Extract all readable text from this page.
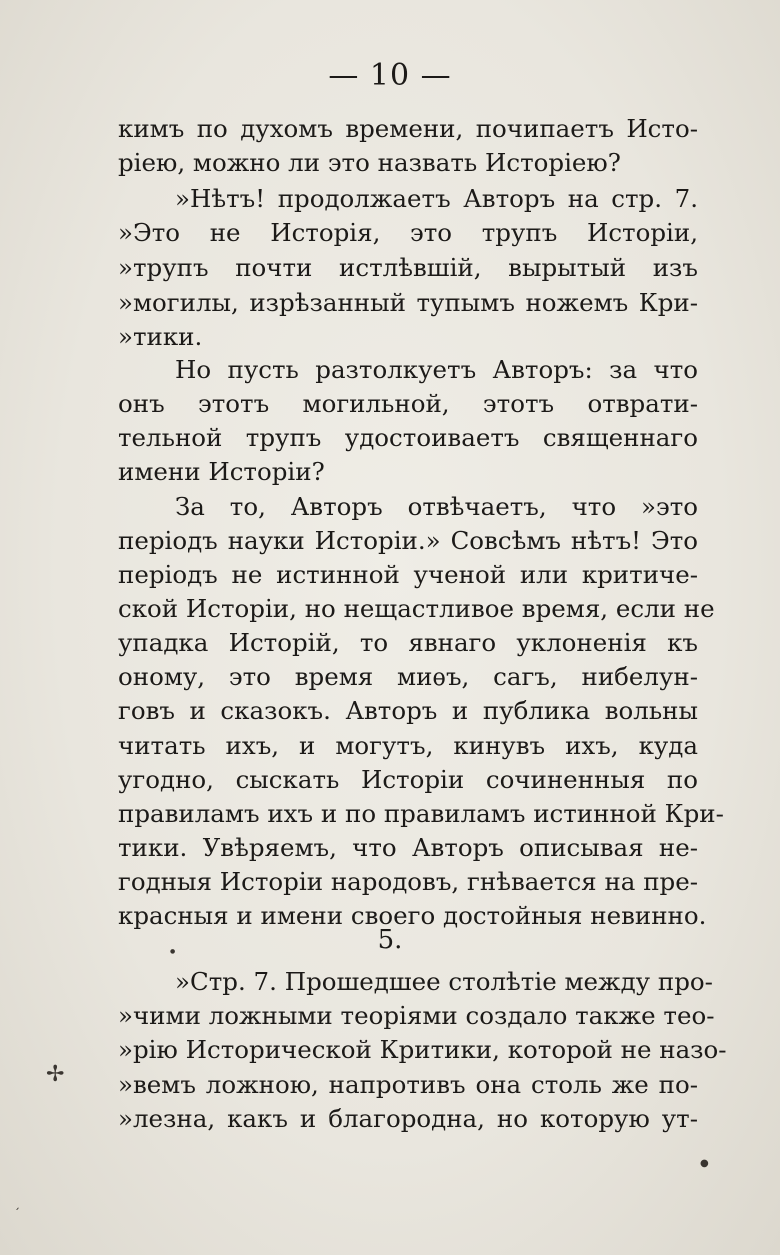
— 10 —
кимъ по духомъ времени, почипаетъ Исто-
ріею, можно ли это назвать Исторіею?
»Нѣтъ! продолжаетъ Авторъ на стр. 7.
»Это не Исторія, это трупъ Исторіи,
»трупъ почти истлѣвшій, вырытый изъ
»могилы, изрѣзанный тупымъ ножемъ Кри-
»тики.
Но пусть разтолкуетъ Авторъ: за что
онъ этотъ могильной, этотъ отврати-
тельной трупъ удостоиваетъ священнаго
имени Исторіи?
За то, Авторъ отвѣчаетъ, что »это
періодъ науки Исторіи.» Совсѣмъ нѣтъ! Это
періодъ не истинной ученой или критиче-
ской Исторіи, но нещастливое время, если не
упадка Исторій, то явнаго уклоненія къ
оному, это время миѳъ, сагъ, нибелун-
говъ и сказокъ. Авторъ и публика вольны
читать ихъ, и могутъ, кинувъ ихъ, куда
угодно, сыскать Исторіи сочиненныя по
правиламъ ихъ и по правиламъ истинной Кри-
тики. Увѣряемъ, что Авторъ описывая не-
годныя Исторіи народовъ, гнѣвается на пре-
красныя и имени своего достойныя невинно.
5.
»Стр. 7. Прошедшее столѣтіе между про-
»чими ложными теоріями создало также тео-
»рію Исторической Критики, которой не назо-
»вемъ ложною, напротивъ она столь же по-
»лезна, какъ и благородна, но которую ут-
✢
●
ˏ
●
